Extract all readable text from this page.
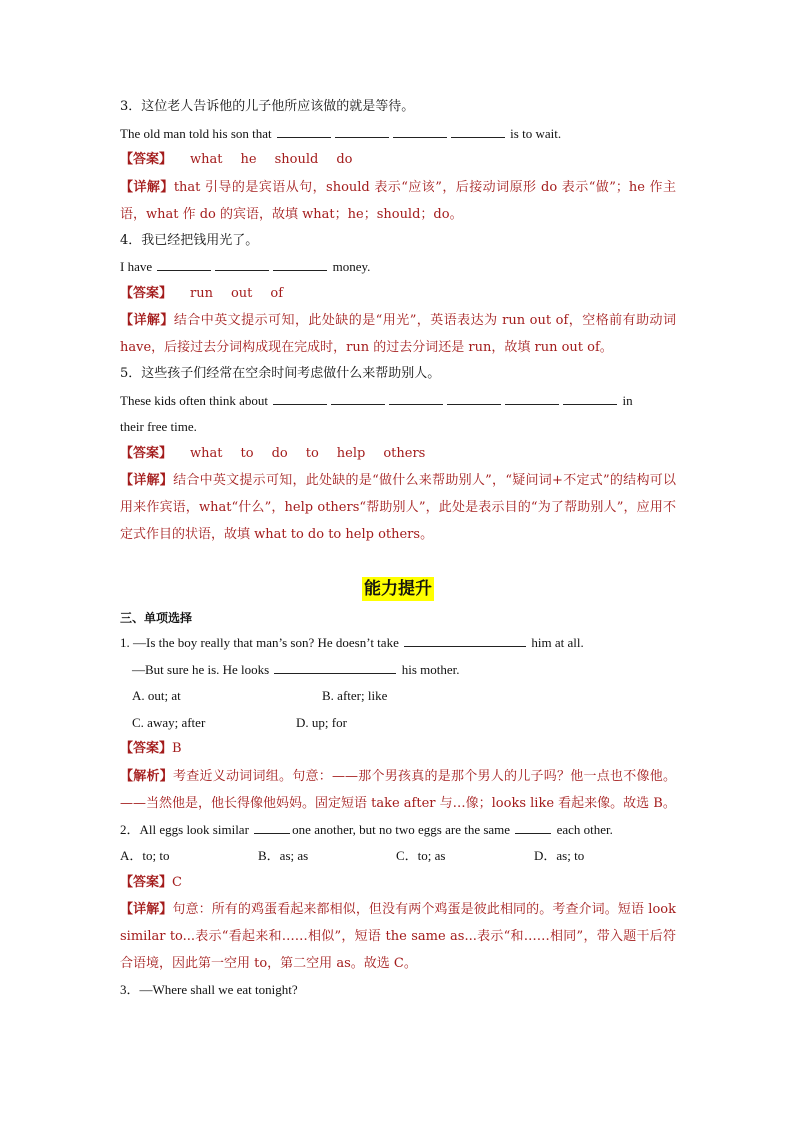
3．这位老人告诉他的儿子他所应该做的就是等待。
The old man told his son that	is to wait.
【答案】 what he should do
【详解】that 引导的是宾语从句，should 表示“应该”，后接动词原形 do 表示“做”；he 作主语，what 作 do 的宾语，故填 what；he；should；do。
4．我已经把钱用光了。
I have	money.
【答案】 run out of
【详解】结合中英文提示可知，此处缺的是“用光”，英语表达为 run out of，空格前有助动词 have，后接过去分词构成现在完成时，run 的过去分词还是 run，故填 run out of。
5．这些孩子们经常在空余时间考虑做什么来帮助别人。
These kids often think about	in
their free time.
【答案】 what to do to help others
【详解】结合中英文提示可知，此处缺的是“做什么来帮助别人”，“疑问词+不定式”的结构可以用来作宾语，what“什么”，help others“帮助别人”，此处是表示目的“为了帮助别人”，应用不定式作目的状语，故填 what to do to help others。
能力提升
三、单项选择
1. —Is the boy really that man’s son? He doesn’t take	him at all.
—But sure he is. He looks	his mother.
A. out; at	B. after; like
C. away; after	D. up; for
【答案】B
【解析】考查近义动词词组。句意：——那个男孩真的是那个男人的儿子吗？他一点也不像他。——当然他是，他长得像他妈妈。固定短语 take after 与…像；looks like 看起来像。故选 B。
2．All eggs look similar	one another, but no two eggs are the same	each other.
A．to; to	B．as; as	C．to; as	D．as; to
【答案】C
【详解】句意：所有的鸡蛋看起来都相似，但没有两个鸡蛋是彼此相同的。考查介词。短语 look similar to...表示“看起来和……相似”，短语 the same as...表示“和……相同”，带入题干后符合语境，因此第一空用 to，第二空用 as。故选 C。
3．—Where shall we eat tonight?
